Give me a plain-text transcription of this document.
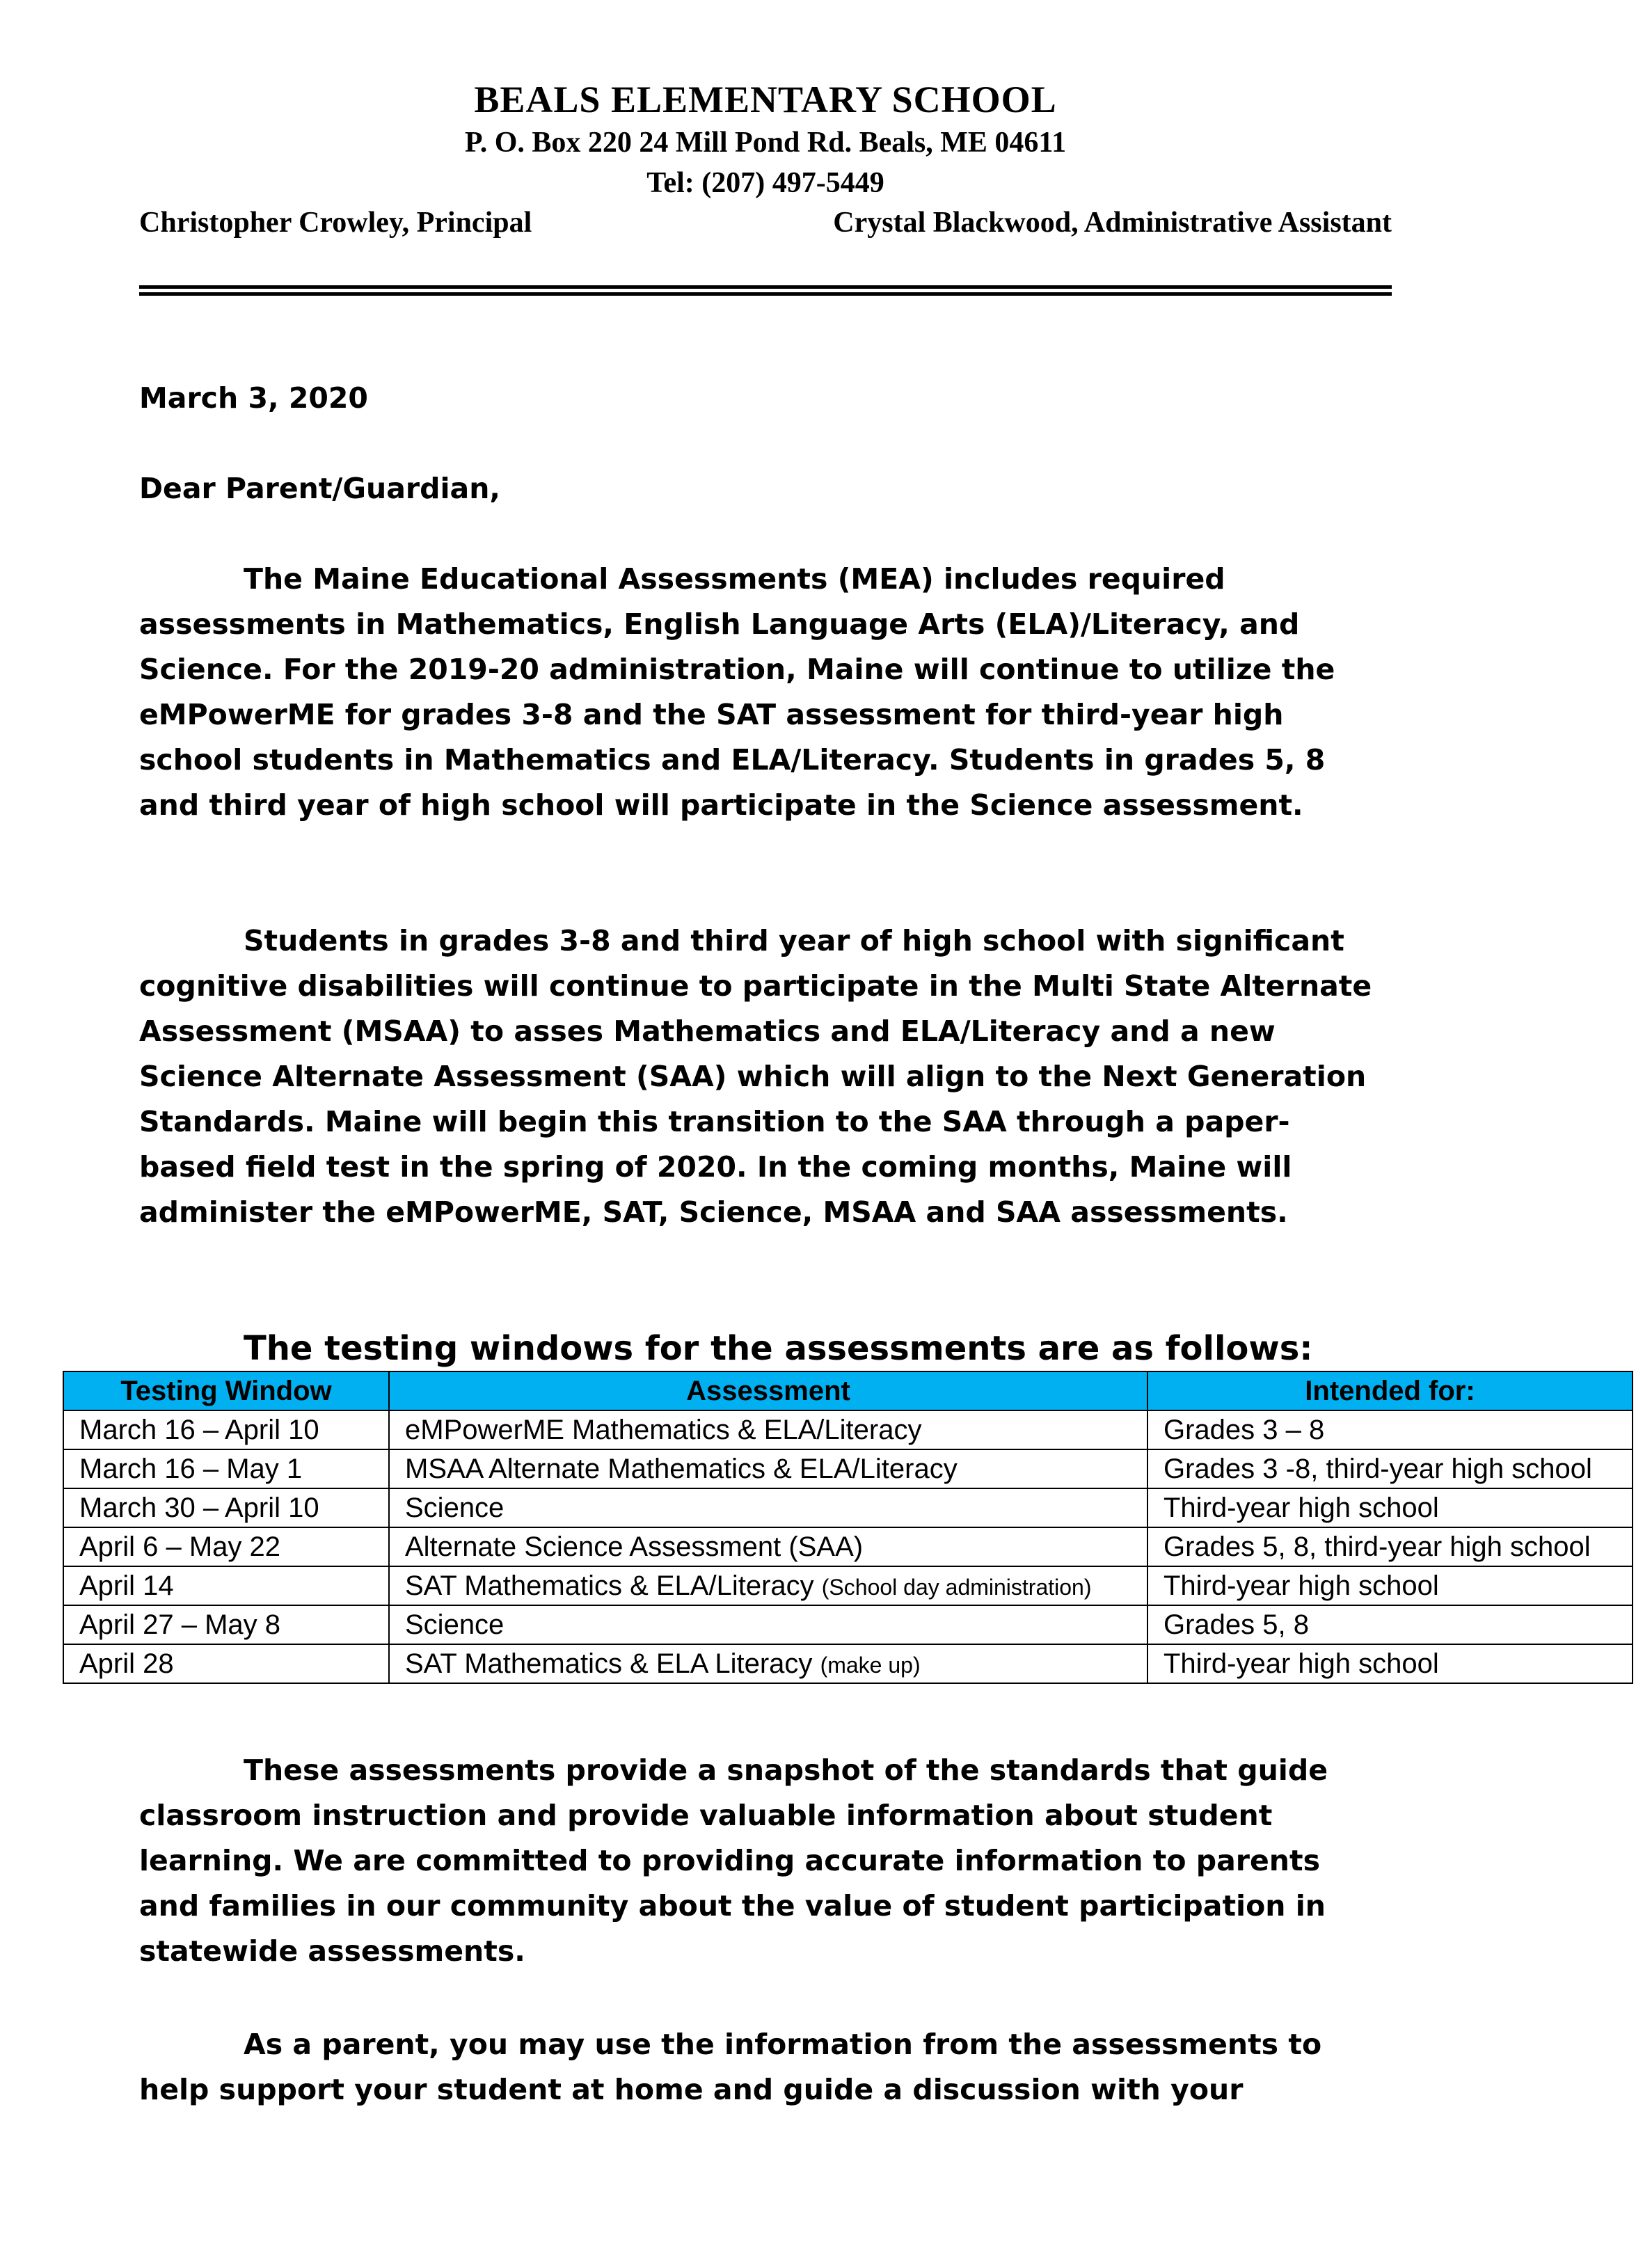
BEALS ELEMENTARY SCHOOL
P. O. Box 220 24 Mill Pond Rd. Beals, ME 04611
Tel: (207) 497-5449
Christopher Crowley, Principal	Crystal Blackwood, Administrative Assistant
March 3, 2020
Dear Parent/Guardian,

The Maine Educational Assessments (MEA) includes required assessments in Mathematics, English Language Arts (ELA)/Literacy, and Science. For the 2019-20 administration, Maine will continue to utilize the eMPowerME for grades 3-8 and the SAT assessment for third-year high school students in Mathematics and ELA/Literacy. Students in grades 5, 8 and third year of high school will participate in the Science assessment.

Students in grades 3-8 and third year of high school with significant cognitive disabilities will continue to participate in the Multi State Alternate Assessment (MSAA) to asses Mathematics and ELA/Literacy and a new Science Alternate Assessment (SAA) which will align to the Next Generation Standards. Maine will begin this transition to the SAA through a paper-based field test in the spring of 2020. In the coming months, Maine will administer the eMPowerME, SAT, Science, MSAA and SAA assessments.

The testing windows for the assessments are as follows:
Testing Window	Assessment	Intended for:
March 16 – April 10	eMPowerME Mathematics & ELA/Literacy	Grades 3 – 8
March 16 – May 1	MSAA Alternate Mathematics & ELA/Literacy	Grades 3 -8, third-year high school
March 30 – April 10	Science	Third-year high school
April 6 – May 22	Alternate Science Assessment (SAA)	Grades 5, 8, third-year high school
April 14	SAT Mathematics & ELA/Literacy (School day administration)	Third-year high school
April 27 – May 8	Science	Grades 5, 8
April 28	SAT Mathematics & ELA Literacy (make up)	Third-year high school

These assessments provide a snapshot of the standards that guide classroom instruction and provide valuable information about student learning. We are committed to providing accurate information to parents and families in our community about the value of student participation in statewide assessments.

As a parent, you may use the information from the assessments to help support your student at home and guide a discussion with your
